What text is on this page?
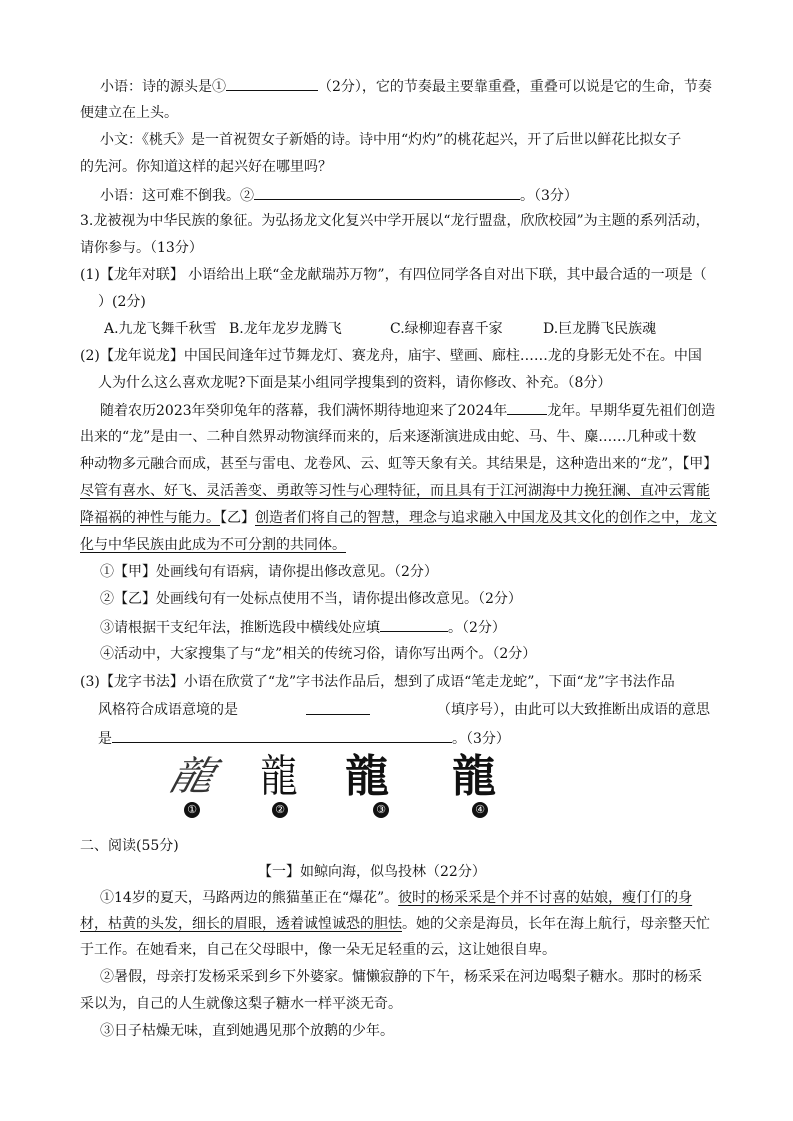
小语：诗的源头是①	（2分），它的节奏最主要靠重叠，重叠可以说是它的生命，节奏
便建立在上头。
小文：《桃夭》是一首祝贺女子新婚的诗。诗中用“灼灼”的桃花起兴，开了后世以鲜花比拟女子
的先河。你知道这样的起兴好在哪里吗？
小语：这可难不倒我。②	。（3分）
3.龙被视为中华民族的象征。为弘扬龙文化复兴中学开展以“龙行盟盘，欣欣校园”为主题的系列活动，
请你参与。（13分）
(1)【龙年对联】 小语给出上联“金龙献瑞苏万物”，有四位同学各自对出下联，其中最合适的一项是（
）(2分)
A.九龙飞舞千秋雪 B.龙年龙岁龙腾飞	C.绿柳迎春喜千家	D.巨龙腾飞民族魂
(2)【龙年说龙】中国民间逢年过节舞龙灯、赛龙舟，庙宇、壁画、廊柱……龙的身影无处不在。中国
人为什么这么喜欢龙呢?下面是某小组同学搜集到的资料，请你修改、补充。（8分）
随着农历2023年癸卯兔年的落幕，我们满怀期待地迎来了2024年	龙年。早期华夏先祖们创造
出来的“龙”是由一、二种自然界动物演绎而来的，后来逐渐演进成由蛇、马、牛、麋……几种或十数
种动物多元融合而成，甚至与雷电、龙卷风、云、虹等天象有关。其结果是，这种造出来的“龙”，【甲】
尽管有喜水、好飞、灵活善变、勇敢等习性与心理特征，而且具有于江河湖海中力挽狂澜、直冲云霄能
降福祸的神性与能力。【乙】创造者们将自己的智慧，理念与追求融入中国龙及其文化的创作之中，龙文
化与中华民族由此成为不可分割的共同体。
①【甲】处画线句有语病，请你提出修改意见。（2分）
②【乙】处画线句有一处标点使用不当，请你提出修改意见。（2分）
③请根据干支纪年法，推断选段中横线处应填	。（2分）
④活动中，大家搜集了与“龙”相关的传统习俗，请你写出两个。（2分）
(3)【龙字书法】小语在欣赏了“龙”字书法作品后，想到了成语“笔走龙蛇”，下面“龙”字书法作品
风格符合成语意境的是	（填序号），由此可以大致推断出成语的意思
是	。（3分）
龍 龍 龍 龍
①	②	③	④
二、阅读(55分)
【一】如鲸向海，似鸟投林（22分）
①14岁的夏天，马路两边的熊猫堇正在“爆花”。彼时的杨采采是个并不讨喜的姑娘，瘦仃仃的身
材，枯黄的头发，细长的眉眼，透着诚惶诚恐的胆怯。她的父亲是海员，长年在海上航行，母亲整天忙
于工作。在她看来，自己在父母眼中，像一朵无足轻重的云，这让她很自卑。
②暑假，母亲打发杨采采到乡下外婆家。慵懒寂静的下午，杨采采在河边喝梨子糖水。那时的杨采
采以为，自己的人生就像这梨子糖水一样平淡无奇。
③日子枯燥无味，直到她遇见那个放鹅的少年。
